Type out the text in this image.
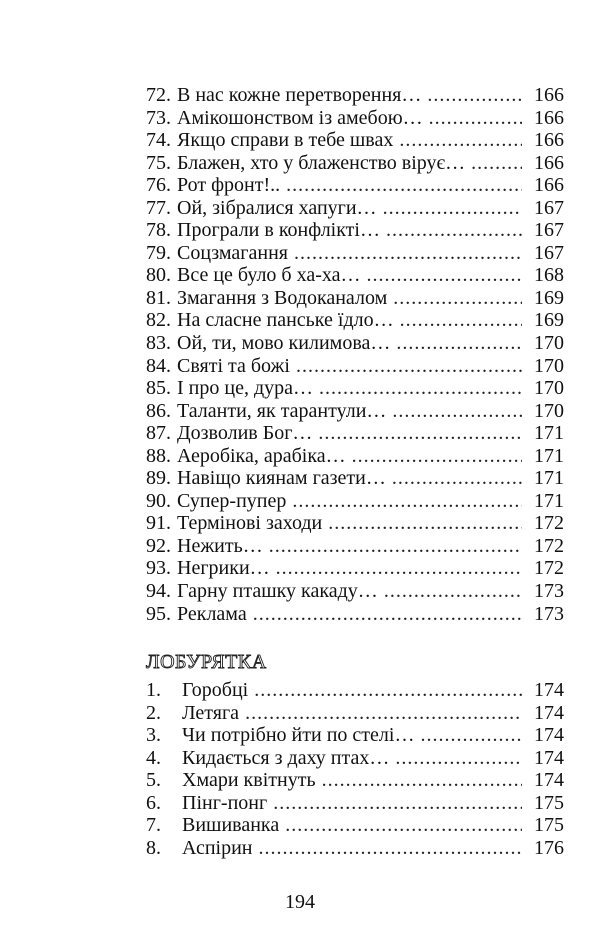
72. В нас кожне перетворення… .....	166
73. Амікошонством із амебою… .....	166
74. Якщо справи в тебе швах .....	166
75. Блажен, хто у блаженство вірує… .....	166
76. Рот фронт!.. .....	166
77. Ой, зібралися хапуги… .....	167
78. Програли в конфлікті… .....	167
79. Соцзмагання .....	167
80. Все це було б ха-ха… .....	168
81. Змагання з Водоканалом .....	169
82. На сласне панське їдло… .....	169
83. Ой, ти, мово килимова… .....	170
84. Святі та божі .....	170
85. І про це, дура… .....	170
86. Таланти, як тарантули… .....	170
87. Дозволив Бог… .....	171
88. Аеробіка, арабіка… .....	171
89. Навіщо киянам газети… .....	171
90. Супер-пупер .....	171
91. Термінові заходи .....	172
92. Нежить… .....	172
93. Негрики… .....	172
94. Гарну пташку какаду… .....	173
95. Реклама .....	173
ЛОБУРЯТКА
1.	Горобці .....	174
2.	Летяга .....	174
3.	Чи потрібно йти по стелі… .....	174
4.	Кидається з даху птах… .....	174
5.	Хмари квітнуть .....	174
6.	Пінг-понг .....	175
7.	Вишиванка .....	175
8.	Аспірин .....	176
194
